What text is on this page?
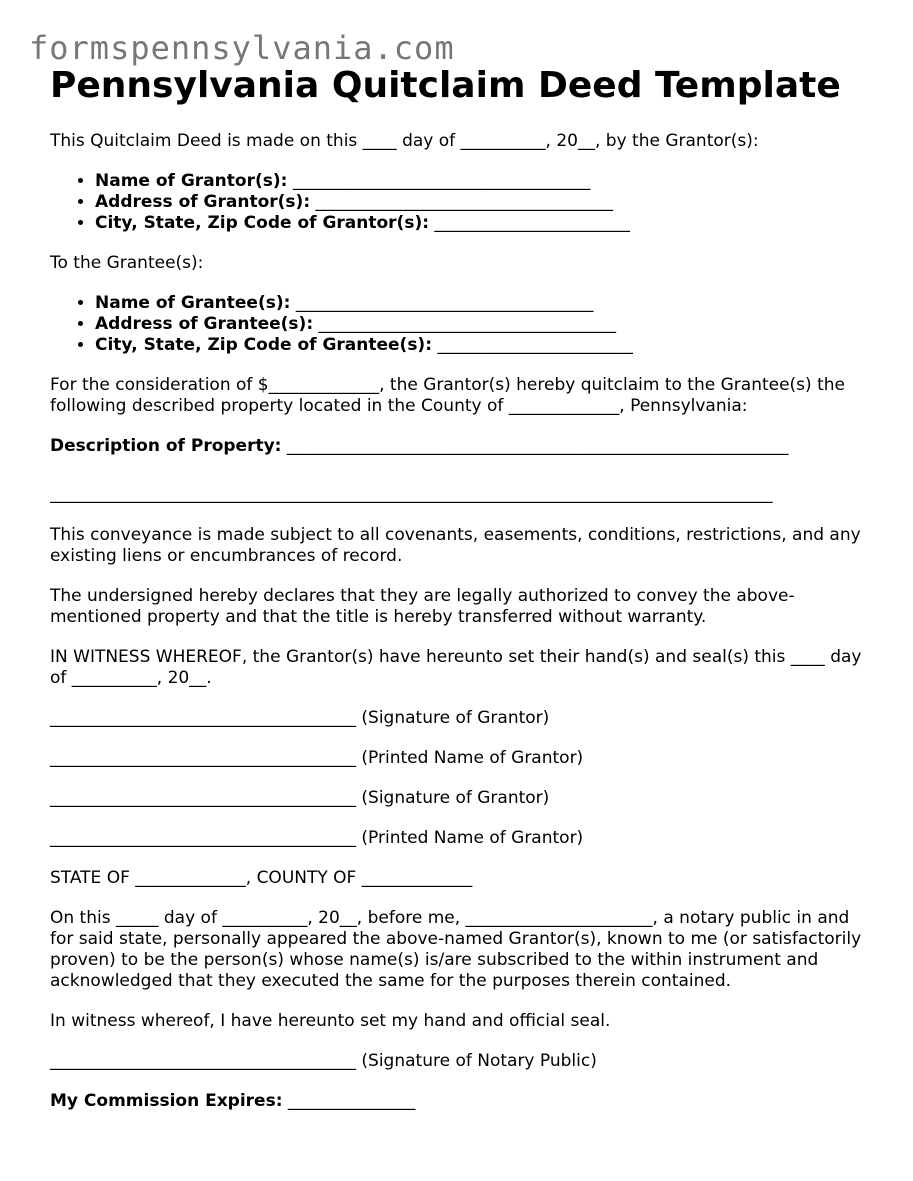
formspennsylvania.com
Pennsylvania Quitclaim Deed Template

This Quitclaim Deed is made on this ____ day of __________, 20__, by the Grantor(s):

• Name of Grantor(s): ___________________________________
• Address of Grantor(s): ___________________________________
• City, State, Zip Code of Grantor(s): _______________________

To the Grantee(s):

• Name of Grantee(s): ___________________________________
• Address of Grantee(s): ___________________________________
• City, State, Zip Code of Grantee(s): _______________________

For the consideration of $_____________, the Grantor(s) hereby quitclaim to the Grantee(s) the following described property located in the County of _____________, Pennsylvania:

Description of Property: ___________________________________________________________

_____________________________________________________________________________________

This conveyance is made subject to all covenants, easements, conditions, restrictions, and any existing liens or encumbrances of record.

The undersigned hereby declares that they are legally authorized to convey the above-mentioned property and that the title is hereby transferred without warranty.

IN WITNESS WHEREOF, the Grantor(s) have hereunto set their hand(s) and seal(s) this ____ day of __________, 20__.

____________________________________ (Signature of Grantor)

____________________________________ (Printed Name of Grantor)

____________________________________ (Signature of Grantor)

____________________________________ (Printed Name of Grantor)

STATE OF _____________, COUNTY OF _____________

On this _____ day of __________, 20__, before me, ______________________, a notary public in and for said state, personally appeared the above-named Grantor(s), known to me (or satisfactorily proven) to be the person(s) whose name(s) is/are subscribed to the within instrument and acknowledged that they executed the same for the purposes therein contained.

In witness whereof, I have hereunto set my hand and official seal.

____________________________________ (Signature of Notary Public)

My Commission Expires: _______________
